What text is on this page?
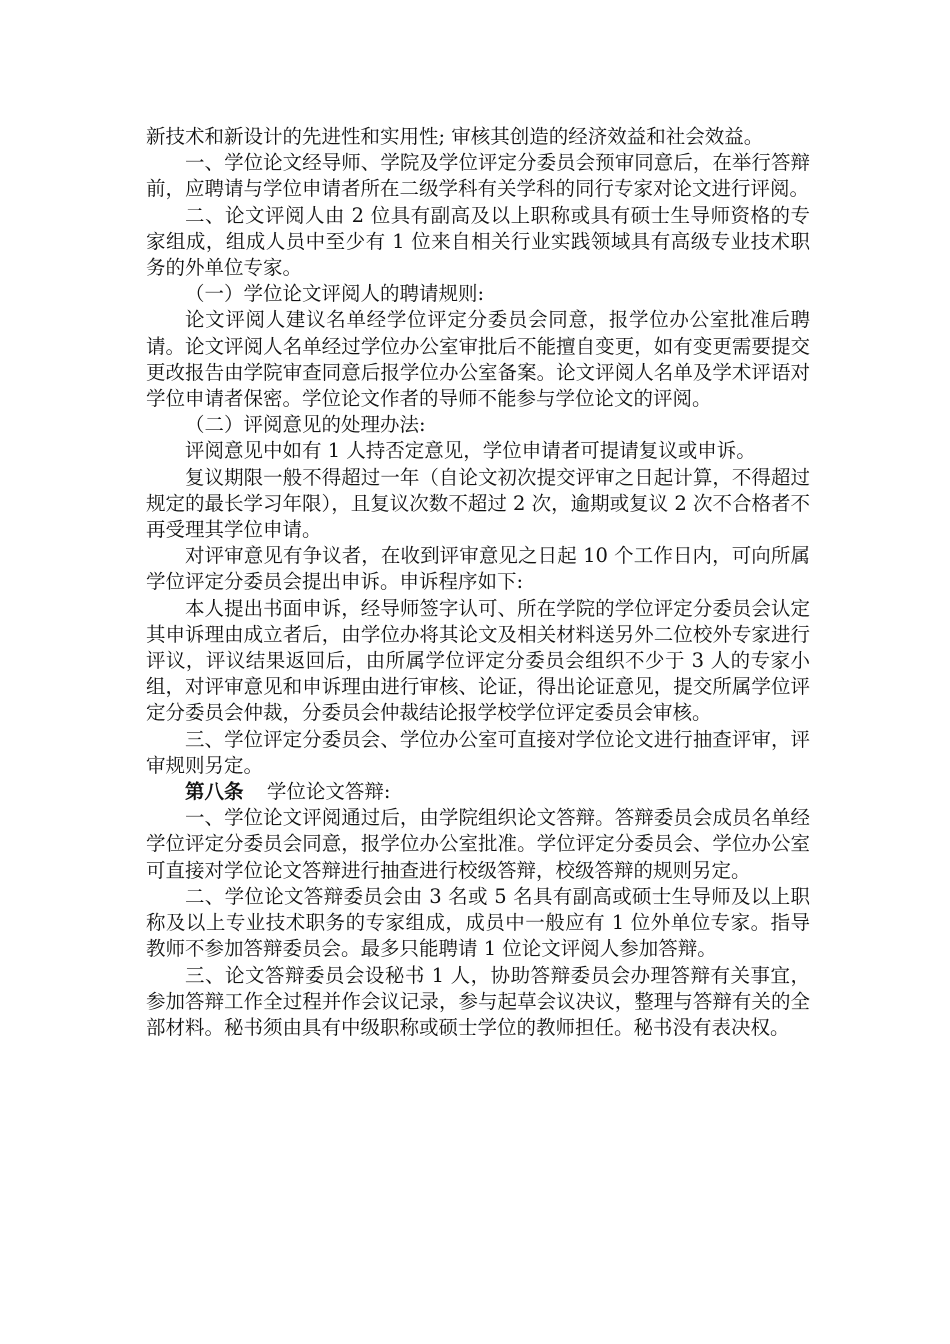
新技术和新设计的先进性和实用性; 审核其创造的经济效益和社会效益。

一、学位论文经导师、学院及学位评定分委员会预审同意后，在举行答辩前，应聘请与学位申请者所在二级学科有关学科的同行专家对论文进行评阅。

二、论文评阅人由 2 位具有副高及以上职称或具有硕士生导师资格的专家组成，组成人员中至少有 1 位来自相关行业实践领域具有高级专业技术职务的外单位专家。

（一）学位论文评阅人的聘请规则:

论文评阅人建议名单经学位评定分委员会同意，报学位办公室批准后聘请。论文评阅人名单经过学位办公室审批后不能擅自变更，如有变更需要提交更改报告由学院审查同意后报学位办公室备案。论文评阅人名单及学术评语对学位申请者保密。学位论文作者的导师不能参与学位论文的评阅。

（二）评阅意见的处理办法:

评阅意见中如有 1 人持否定意见，学位申请者可提请复议或申诉。

复议期限一般不得超过一年（自论文初次提交评审之日起计算，不得超过规定的最长学习年限），且复议次数不超过 2 次，逾期或复议 2 次不合格者不再受理其学位申请。

对评审意见有争议者，在收到评审意见之日起 10 个工作日内，可向所属学位评定分委员会提出申诉。申诉程序如下:

本人提出书面申诉，经导师签字认可、所在学院的学位评定分委员会认定其申诉理由成立者后，由学位办将其论文及相关材料送另外二位校外专家进行评议，评议结果返回后，由所属学位评定分委员会组织不少于 3 人的专家小组，对评审意见和申诉理由进行审核、论证，得出论证意见，提交所属学位评定分委员会仲裁，分委员会仲裁结论报学校学位评定委员会审核。

三、学位评定分委员会、学位办公室可直接对学位论文进行抽查评审，评审规则另定。

第八条 学位论文答辩:

一、学位论文评阅通过后，由学院组织论文答辩。答辩委员会成员名单经学位评定分委员会同意，报学位办公室批准。学位评定分委员会、学位办公室可直接对学位论文答辩进行抽查进行校级答辩，校级答辩的规则另定。

二、学位论文答辩委员会由 3 名或 5 名具有副高或硕士生导师及以上职称及以上专业技术职务的专家组成，成员中一般应有 1 位外单位专家。指导教师不参加答辩委员会。最多只能聘请 1 位论文评阅人参加答辩。

三、论文答辩委员会设秘书 1 人，协助答辩委员会办理答辩有关事宜，参加答辩工作全过程并作会议记录，参与起草会议决议，整理与答辩有关的全部材料。秘书须由具有中级职称或硕士学位的教师担任。秘书没有表决权。
